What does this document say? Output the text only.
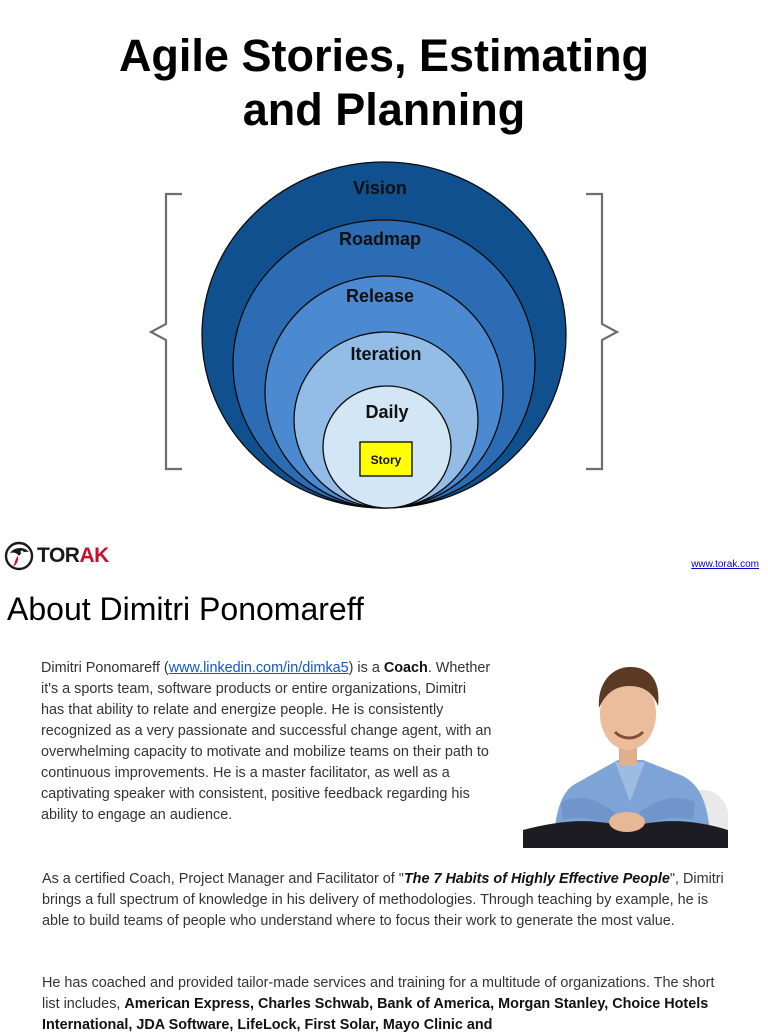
Agile Stories, Estimating
and Planning
Vision
Roadmap
Release
Iteration
Daily
Story
TORAK	www.torak.com
About Dimitri Ponomareff

Dimitri Ponomareff (www.linkedin.com/in/dimka5) is a Coach. Whether it's a sports team, software products or entire organizations, Dimitri has that ability to relate and energize people. He is consistently recognized as a very passionate and successful change agent, with an overwhelming capacity to motivate and mobilize teams on their path to continuous improvements. He is a master facilitator, as well as a captivating speaker with consistent, positive feedback regarding his ability to engage an audience.

As a certified Coach, Project Manager and Facilitator of "The 7 Habits of Highly Effective People", Dimitri brings a full spectrum of knowledge in his delivery of methodologies. Through teaching by example, he is able to build teams of people who understand where to focus their work to generate the most value.

He has coached and provided tailor-made services and training for a multitude of organizations. The short list includes, American Express, Charles Schwab, Bank of America, Morgan Stanley, Choice Hotels International, JDA Software, LifeLock, First Solar, Mayo Clinic and
